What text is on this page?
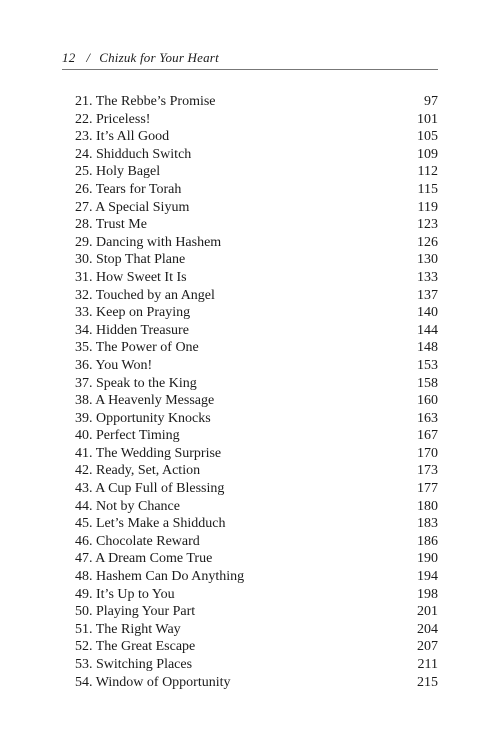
12 / Chizuk for Your Heart
21. The Rebbe’s Promise	97
22. Priceless!	101
23. It’s All Good	105
24. Shidduch Switch	109
25. Holy Bagel	112
26. Tears for Torah	115
27. A Special Siyum	119
28. Trust Me	123
29. Dancing with Hashem	126
30. Stop That Plane	130
31. How Sweet It Is	133
32. Touched by an Angel	137
33. Keep on Praying	140
34. Hidden Treasure	144
35. The Power of One	148
36. You Won!	153
37. Speak to the King	158
38. A Heavenly Message	160
39. Opportunity Knocks	163
40. Perfect Timing	167
41. The Wedding Surprise	170
42. Ready, Set, Action	173
43. A Cup Full of Blessing	177
44. Not by Chance	180
45. Let’s Make a Shidduch	183
46. Chocolate Reward	186
47. A Dream Come True	190
48. Hashem Can Do Anything	194
49. It’s Up to You	198
50. Playing Your Part	201
51. The Right Way	204
52. The Great Escape	207
53. Switching Places	211
54. Window of Opportunity	215
